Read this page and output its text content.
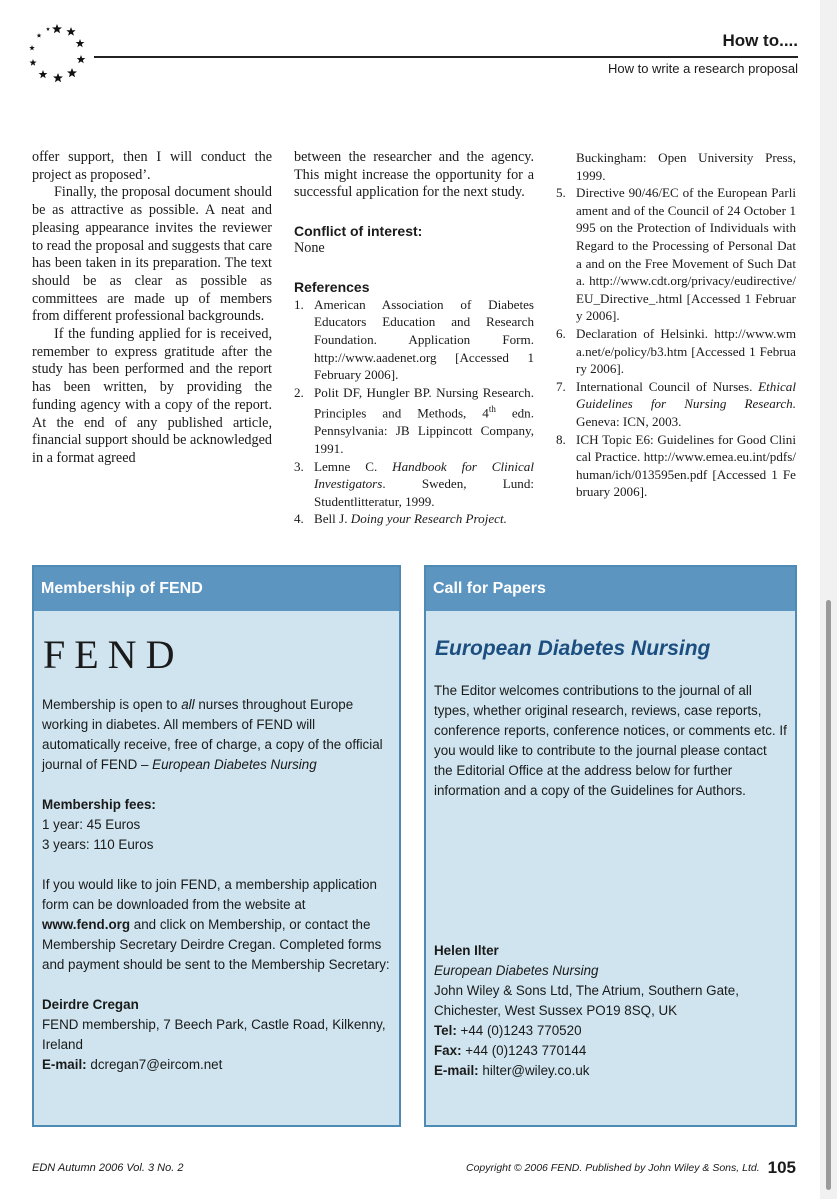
How to....
How to write a research proposal

offer support, then I will conduct the project as proposed’.

Finally, the proposal document should be as attractive as possible. A neat and pleasing appearance invites the reviewer to read the proposal and suggests that care has been taken in its preparation. The text should be as clear as possible as committees are made up of members from different professional backgrounds.

If the funding applied for is received, remember to express gratitude after the study has been performed and the report has been written, by providing the funding agency with a copy of the report. At the end of any published article, financial support should be acknowledged in a format agreed

between the researcher and the agency. This might increase the opportunity for a successful application for the next study.

Conflict of interest:

None

References

1. American Association of Diabetes Educators Education and Research Foundation. Application Form. http://www.aadenet.org [Accessed 1 February 2006].
2. Polit DF, Hungler BP. Nursing Research. Principles and Methods, 4th edn. Pennsylvania: JB Lippincott Company, 1991.
3. Lemne C. Handbook for Clinical Investigators. Sweden, Lund: Studentlitteratur, 1999.
4. Bell J. Doing your Research Project.
Buckingham: Open University Press, 1999.
5. Directive 90/46/EC of the European Parliament and of the Council of 24 October 1995 on the Protection of Individuals with Regard to the Processing of Personal Data and on the Free Movement of Such Data. http://www.cdt.org/privacy/eudirective/EU_Directive_.html [Accessed 1 February 2006].
6. Declaration of Helsinki. http://www.wma.net/e/policy/b3.htm [Accessed 1 February 2006].
7. International Council of Nurses. Ethical Guidelines for Nursing Research. Geneva: ICN, 2003.
8. ICH Topic E6: Guidelines for Good Clinical Practice. http://www.emea.eu.int/pdfs/human/ich/013595en.pdf [Accessed 1 February 2006].
Membership of FEND
FEND

Membership is open to all nurses throughout Europe working in diabetes. All members of FEND will automatically receive, free of charge, a copy of the official journal of FEND – European Diabetes Nursing

Membership fees:

1 year: 45 Euros

3 years: 110 Euros

If you would like to join FEND, a membership application form can be downloaded from the website at www.fend.org and click on Membership, or contact the Membership Secretary Deirdre Cregan. Completed forms and payment should be sent to the Membership Secretary:

Deirdre Cregan

FEND membership, 7 Beech Park, Castle Road, Kilkenny, Ireland

E-mail: dcregan7@eircom.net

Call for Papers
European Diabetes Nursing

The Editor welcomes contributions to the journal of all types, whether original research, reviews, case reports, conference reports, conference notices, or comments etc. If you would like to contribute to the journal please contact the Editorial Office at the address below for further information and a copy of the Guidelines for Authors.

Helen Ilter

European Diabetes Nursing

John Wiley & Sons Ltd, The Atrium, Southern Gate, Chichester, West Sussex PO19 8SQ, UK

Tel: +44 (0)1243 770520

Fax: +44 (0)1243 770144

E-mail: hilter@wiley.co.uk

EDN Autumn 2006 Vol. 3 No. 2	Copyright © 2006 FEND. Published by John Wiley & Sons, Ltd. 105
